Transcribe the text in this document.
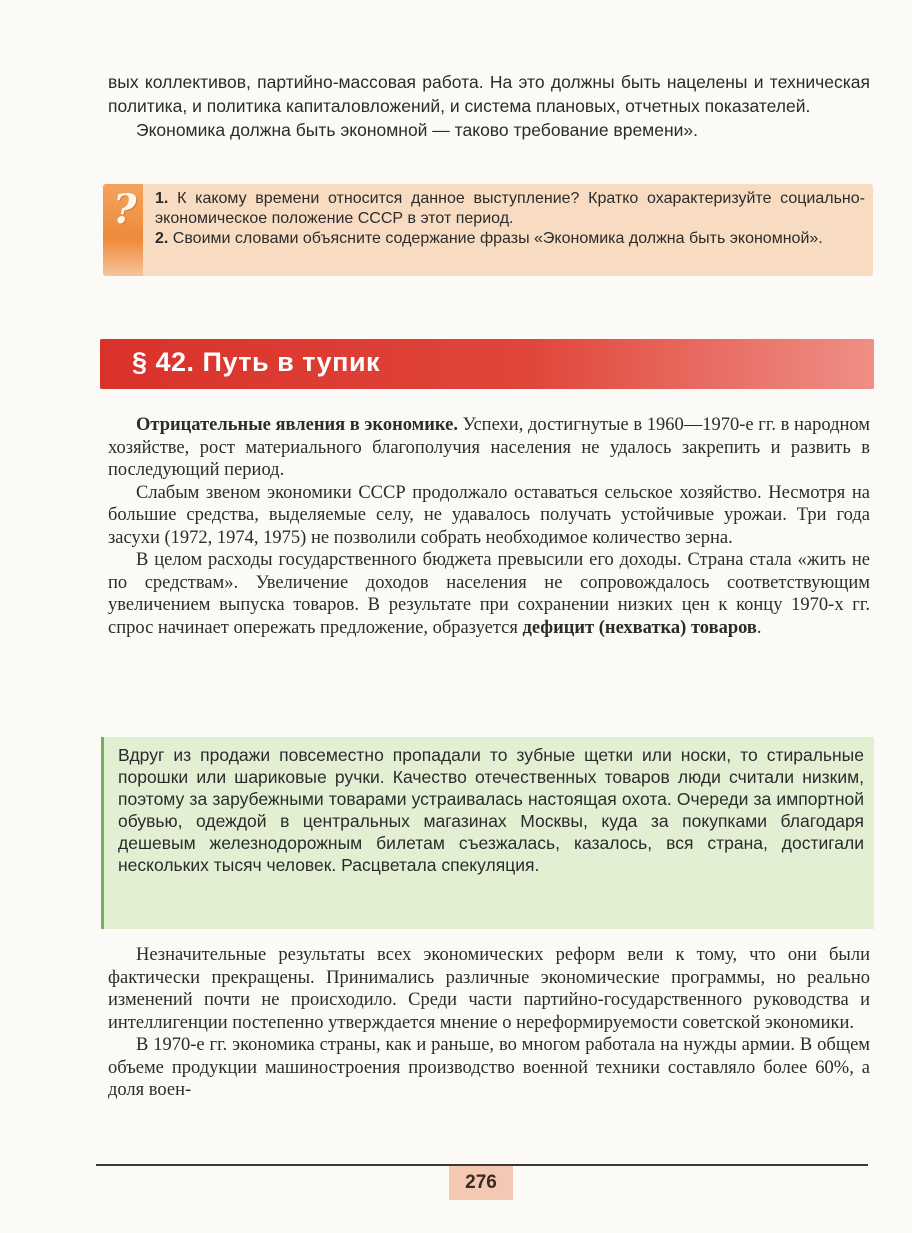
вых коллективов, партийно-массовая работа. На это должны быть нацелены и техническая политика, и политика капиталовложений, и система плановых, отчетных показателей.

Экономика должна быть экономной — таково требование времени».

? 1. К какому времени относится данное выступление? Кратко охарактеризуйте социально-экономическое положение СССР в этот период.

2. Своими словами объясните содержание фразы «Экономика должна быть экономной».

§ 42. Путь в тупик

Отрицательные явления в экономике. Успехи, достигнутые в 1960—1970-е гг. в народном хозяйстве, рост материального благополучия населения не удалось закрепить и развить в последующий период.

Слабым звеном экономики СССР продолжало оставаться сельское хозяйство. Несмотря на большие средства, выделяемые селу, не удавалось получать устойчивые урожаи. Три года засухи (1972, 1974, 1975) не позволили собрать необходимое количество зерна.

В целом расходы государственного бюджета превысили его доходы. Страна стала «жить не по средствам». Увеличение доходов населения не сопровождалось соответствующим увеличением выпуска товаров. В результате при сохранении низких цен к концу 1970-х гг. спрос начинает опережать предложение, образуется дефицит (нехватка) товаров.

Вдруг из продажи повсеместно пропадали то зубные щетки или носки, то стиральные порошки или шариковые ручки. Качество отечественных товаров люди считали низким, поэтому за зарубежными товарами устраивалась настоящая охота. Очереди за импортной обувью, одеждой в центральных магазинах Москвы, куда за покупками благодаря дешевым железнодорожным билетам съезжалась, казалось, вся страна, достигали нескольких тысяч человек. Расцветала спекуляция.

Незначительные результаты всех экономических реформ вели к тому, что они были фактически прекращены. Принимались различные экономические программы, но реально изменений почти не происходило. Среди части партийно-государственного руководства и интеллигенции постепенно утверждается мнение о нереформируемости советской экономики.

В 1970-е гг. экономика страны, как и раньше, во многом работала на нужды армии. В общем объеме продукции машиностроения производство военной техники составляло более 60%, а доля воен-

276
